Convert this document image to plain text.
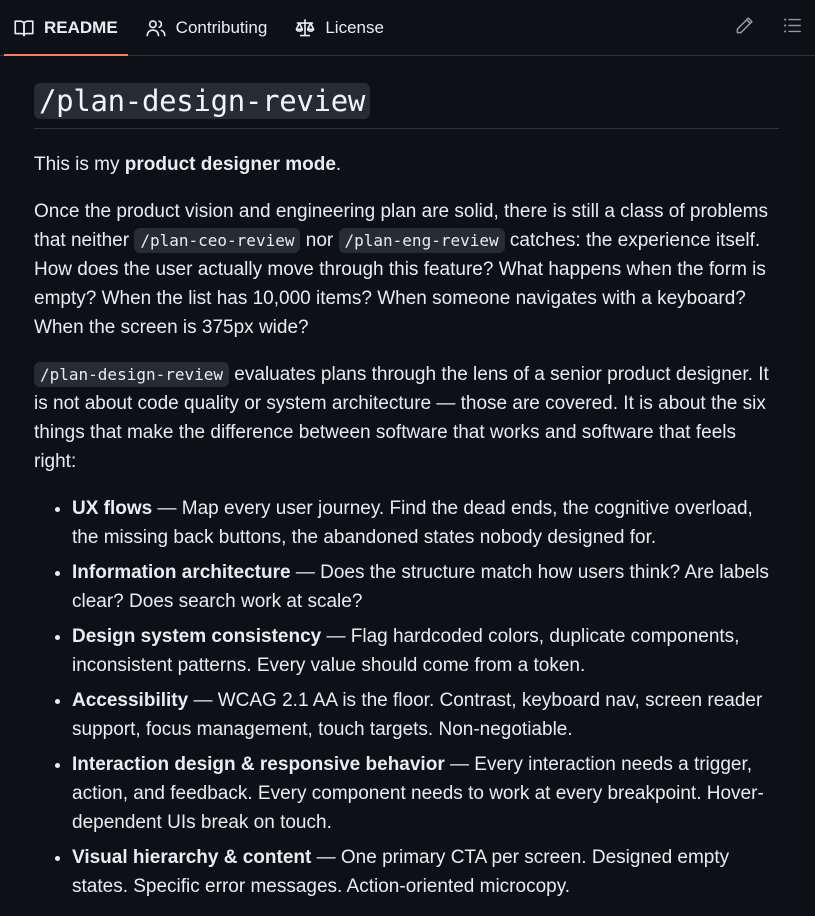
README	Contributing	License
/plan-design-review

This is my product designer mode.

Once the product vision and engineering plan are solid, there is still a class of problems that neither /plan-ceo-review nor /plan-eng-review catches: the experience itself. How does the user actually move through this feature? What happens when the form is empty? When the list has 10,000 items? When someone navigates with a keyboard? When the screen is 375px wide?

/plan-design-review evaluates plans through the lens of a senior product designer. It is not about code quality or system architecture — those are covered. It is about the six things that make the difference between software that works and software that feels right:

• UX flows — Map every user journey. Find the dead ends, the cognitive overload, the missing back buttons, the abandoned states nobody designed for.
• Information architecture — Does the structure match how users think? Are labels clear? Does search work at scale?
• Design system consistency — Flag hardcoded colors, duplicate components, inconsistent patterns. Every value should come from a token.
• Accessibility — WCAG 2.1 AA is the floor. Contrast, keyboard nav, screen reader support, focus management, touch targets. Non-negotiable.
• Interaction design & responsive behavior — Every interaction needs a trigger, action, and feedback. Every component needs to work at every breakpoint. Hover-dependent UIs break on touch.
• Visual hierarchy & content — One primary CTA per screen. Designed empty states. Specific error messages. Action-oriented microcopy.
